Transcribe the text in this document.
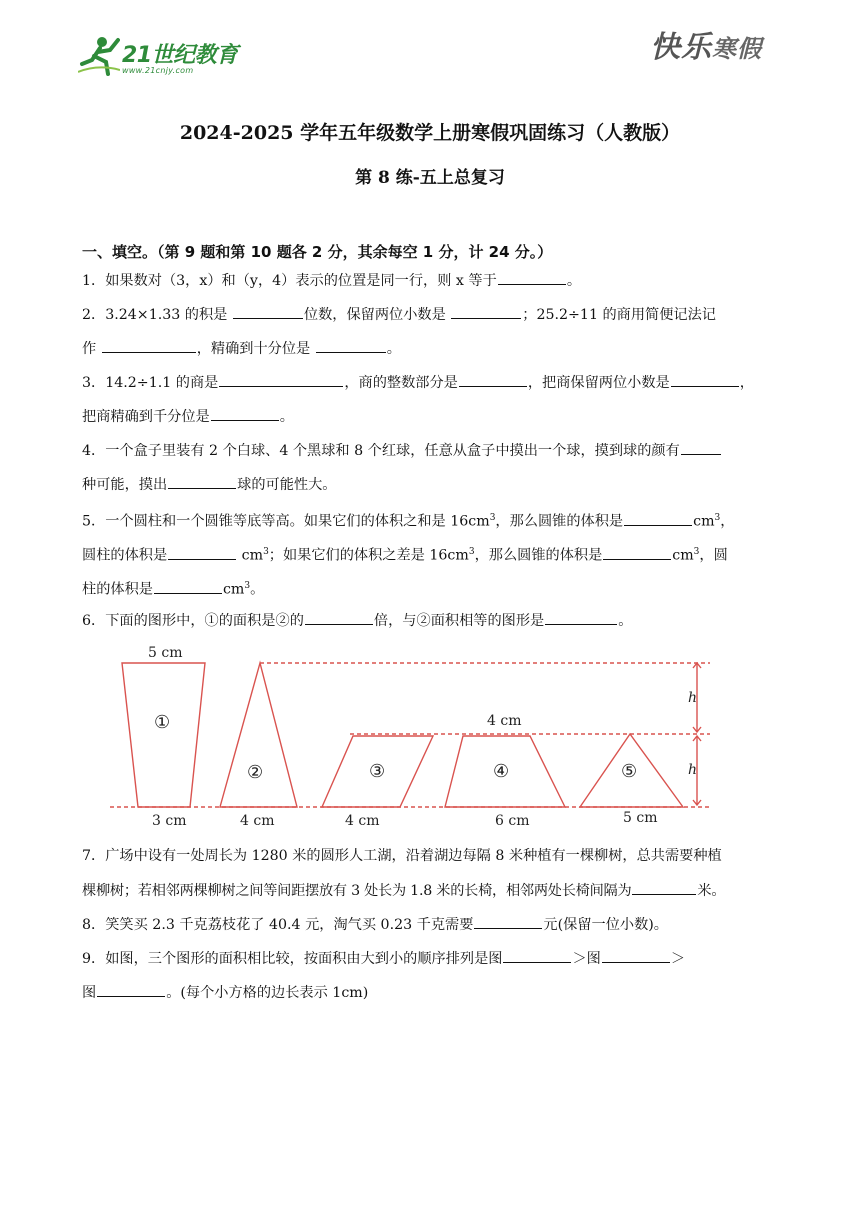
21世纪教育
www.21cnjy.com
快乐寒假
2024-2025 学年五年级数学上册寒假巩固练习（人教版）
第 8 练-五上总复习
一、填空。（第 9 题和第 10 题各 2 分，其余每空 1 分，计 24 分。）
1．如果数对（3，x）和（y，4）表示的位置是同一行，则 x 等于	。
2．3.24×1.33 的积是	位数，保留两位小数是	；25.2÷11 的商用简便记法记
作	，精确到十分位是	。
3．14.2÷1.1 的商是	，商的整数部分是	，把商保留两位小数是	，
把商精确到千分位是	。
4．一个盒子里装有 2 个白球、4 个黑球和 8 个红球，任意从盒子中摸出一个球，摸到球的颜有
种可能，摸出	球的可能性大。
5．一个圆柱和一个圆锥等底等高。如果它们的体积之和是 $16cm^3$，那么圆锥的体积是	$cm^3$，
圆柱的体积是	$cm^3$；如果它们的体积之差是 $16cm^3$，那么圆锥的体积是	$cm^3$，圆
柱的体积是	$cm^3$。
6．下面的图形中，①的面积是②的	倍，与②面积相等的图形是	。
5 cm
4 cm
3 cm	4 cm	4 cm	6 cm	5 cm
h
h
①
②	③	④	⑤
7．广场中设有一处周长为 1280 米的圆形人工湖，沿着湖边每隔 8 米种植有一棵柳树，总共需要种植
棵柳树；若相邻两棵柳树之间等间距摆放有 3 处长为 1.8 米的长椅，相邻两处长椅间隔为	米。
8．笑笑买 2.3 千克荔枝花了 40.4 元，淘气买 0.23 千克需要	元(保留一位小数)。
9．如图，三个图形的面积相比较，按面积由大到小的顺序排列是图	＞图	＞
图	。(每个小方格的边长表示 1cm)
